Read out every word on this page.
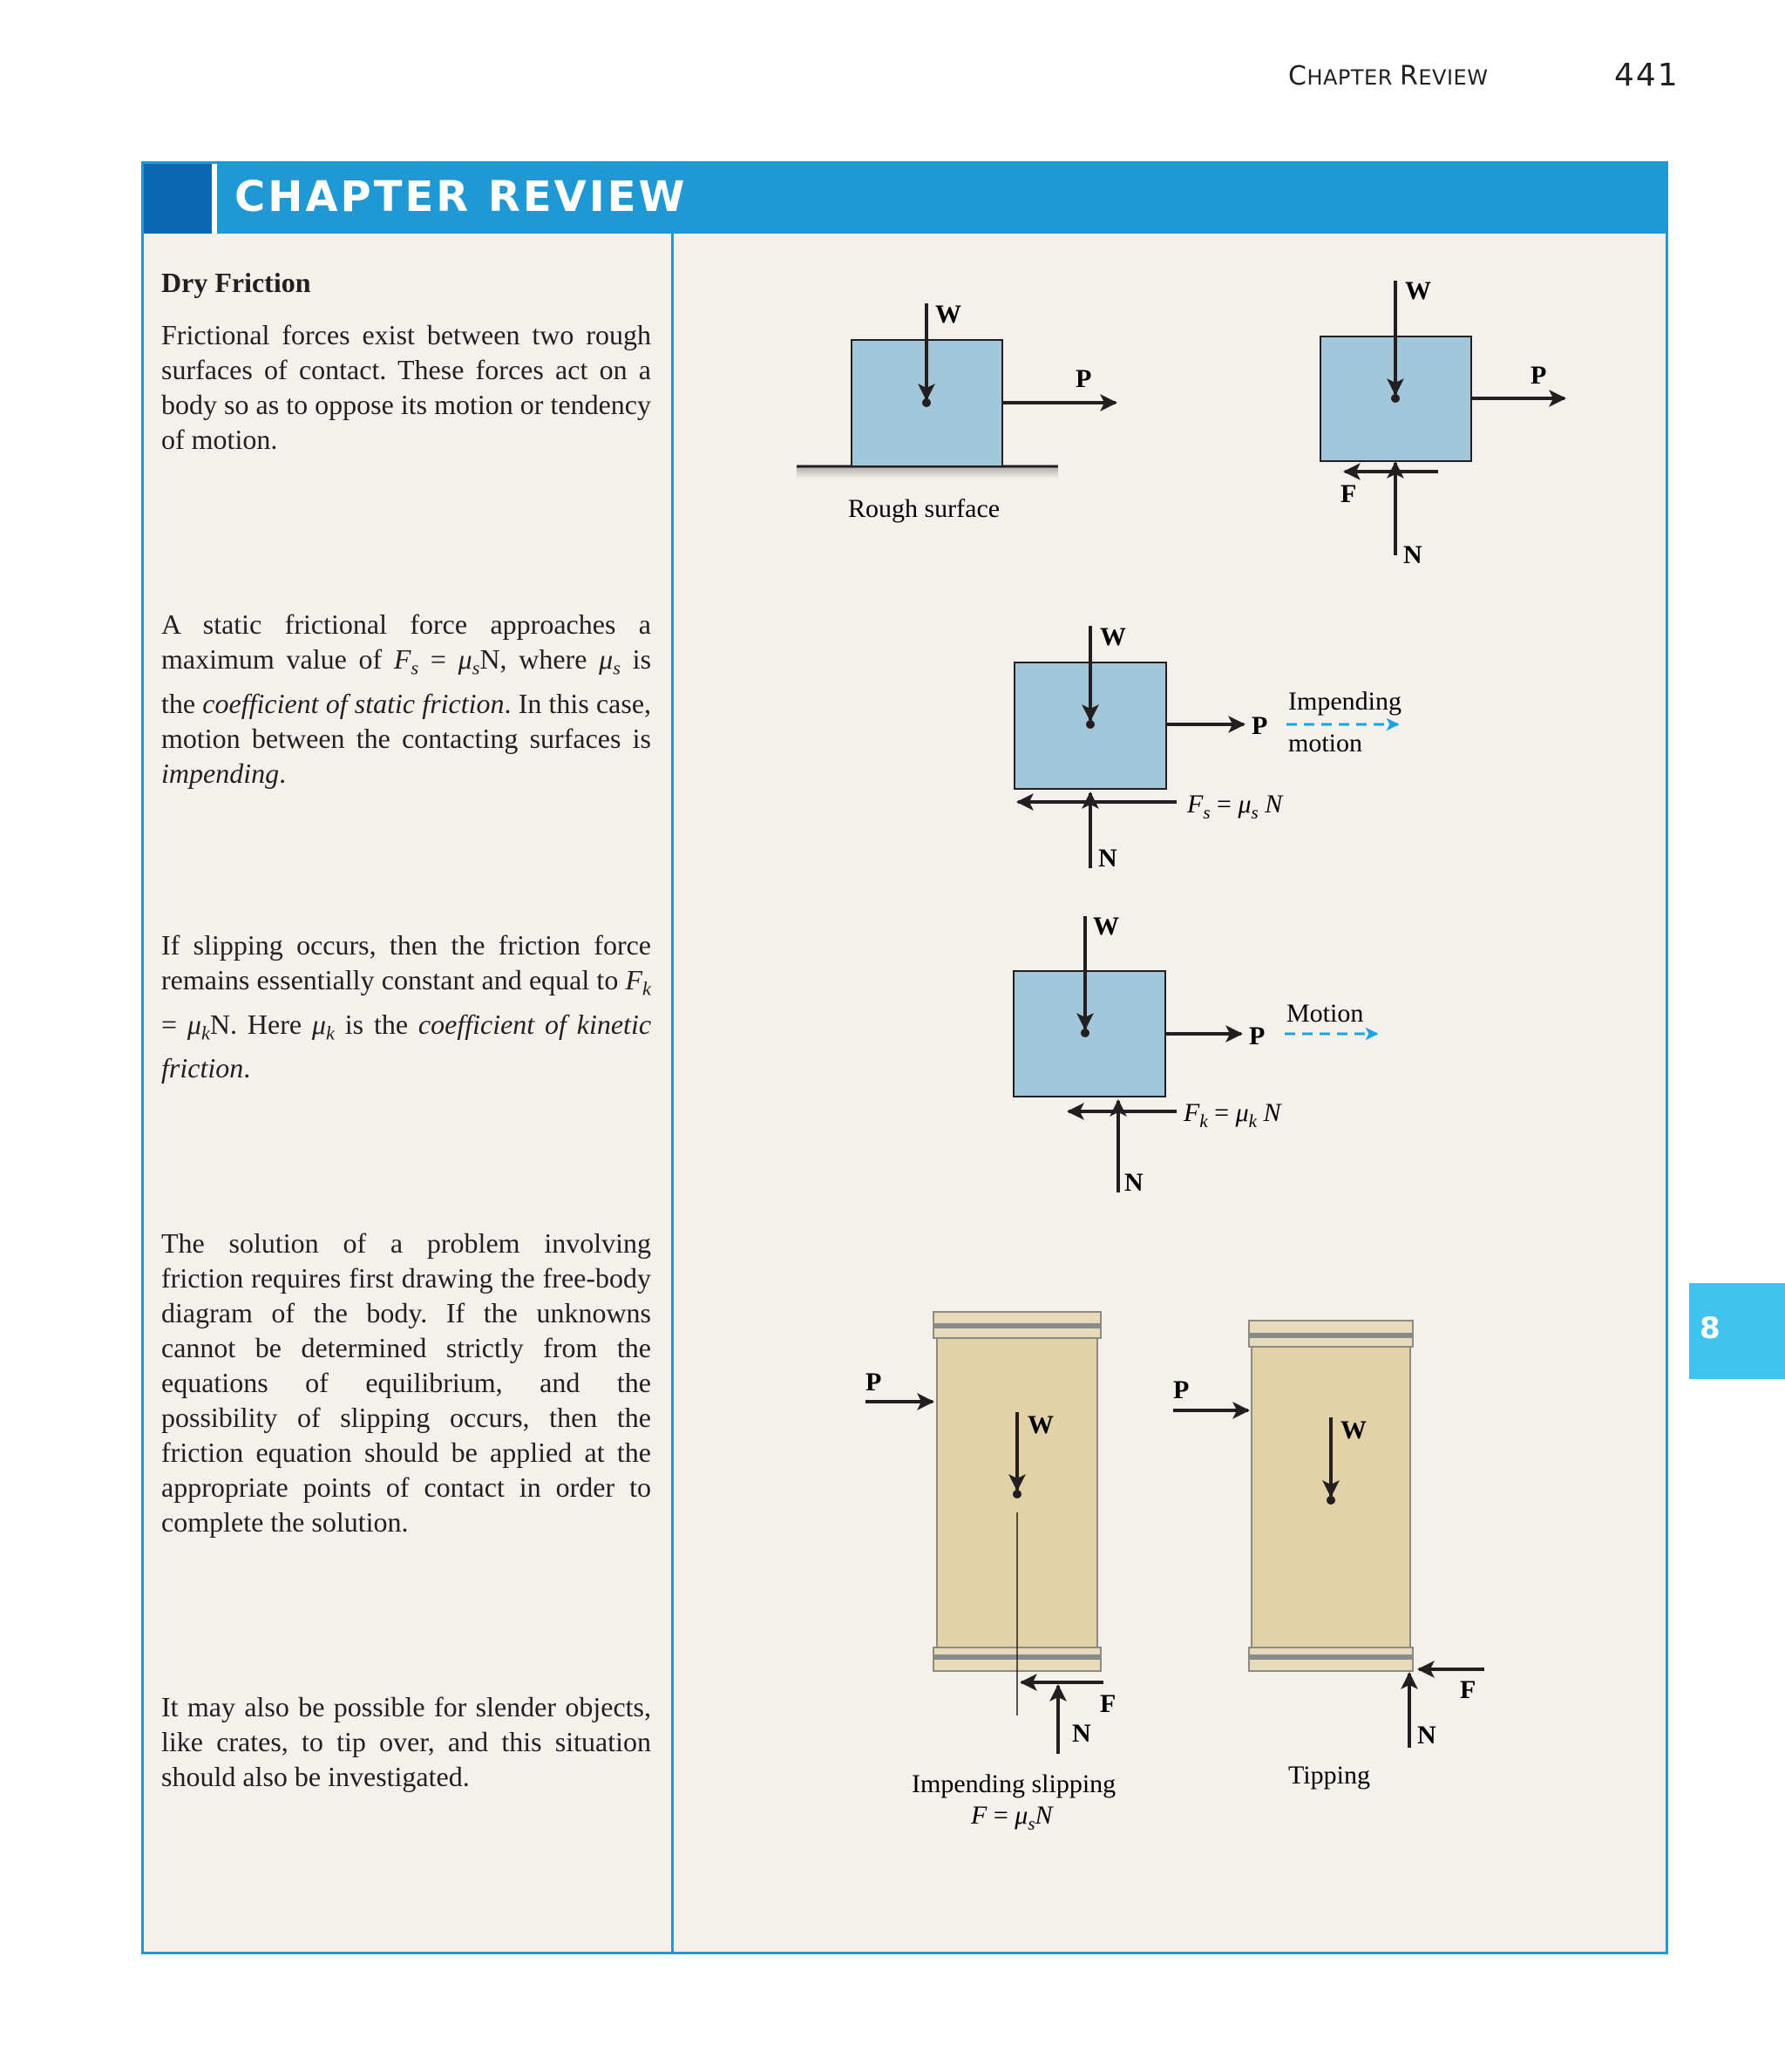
CHAPTER REVIEW	441
8
CHAPTER REVIEW
Dry Friction

Frictional forces exist between two rough surfaces of contact. These forces act on a body so as to oppose its motion or tendency of motion.

A static frictional force approaches a maximum value of $F_s = \mu_sN$, where $\mu_s$ is the coefficient of static friction. In this case, motion between the contacting surfaces is impending.

If slipping occurs, then the friction force remains essentially constant and equal to $F_k = \mu_kN$. Here $\mu_k$ is the coefficient of kinetic friction.

The solution of a problem involving friction requires first drawing the free-body diagram of the body. If the unknowns cannot be determined strictly from the equations of equilibrium, and the possibility of slipping occurs, then the friction equation should be applied at the appropriate points of contact in order to complete the solution.

It may also be possible for slender objects, like crates, to tip over, and this situation should also be investigated.

W
P
Rough surface
W
P
F
N
W
P
N
Impending
motion
$F_s = \mu_s$ N
W
P
N
Motion
$F_k = \mu_k$ N
P
W
F
N
Impending slipping
$F = \mu_sN$
P
W
F
N
Tipping
